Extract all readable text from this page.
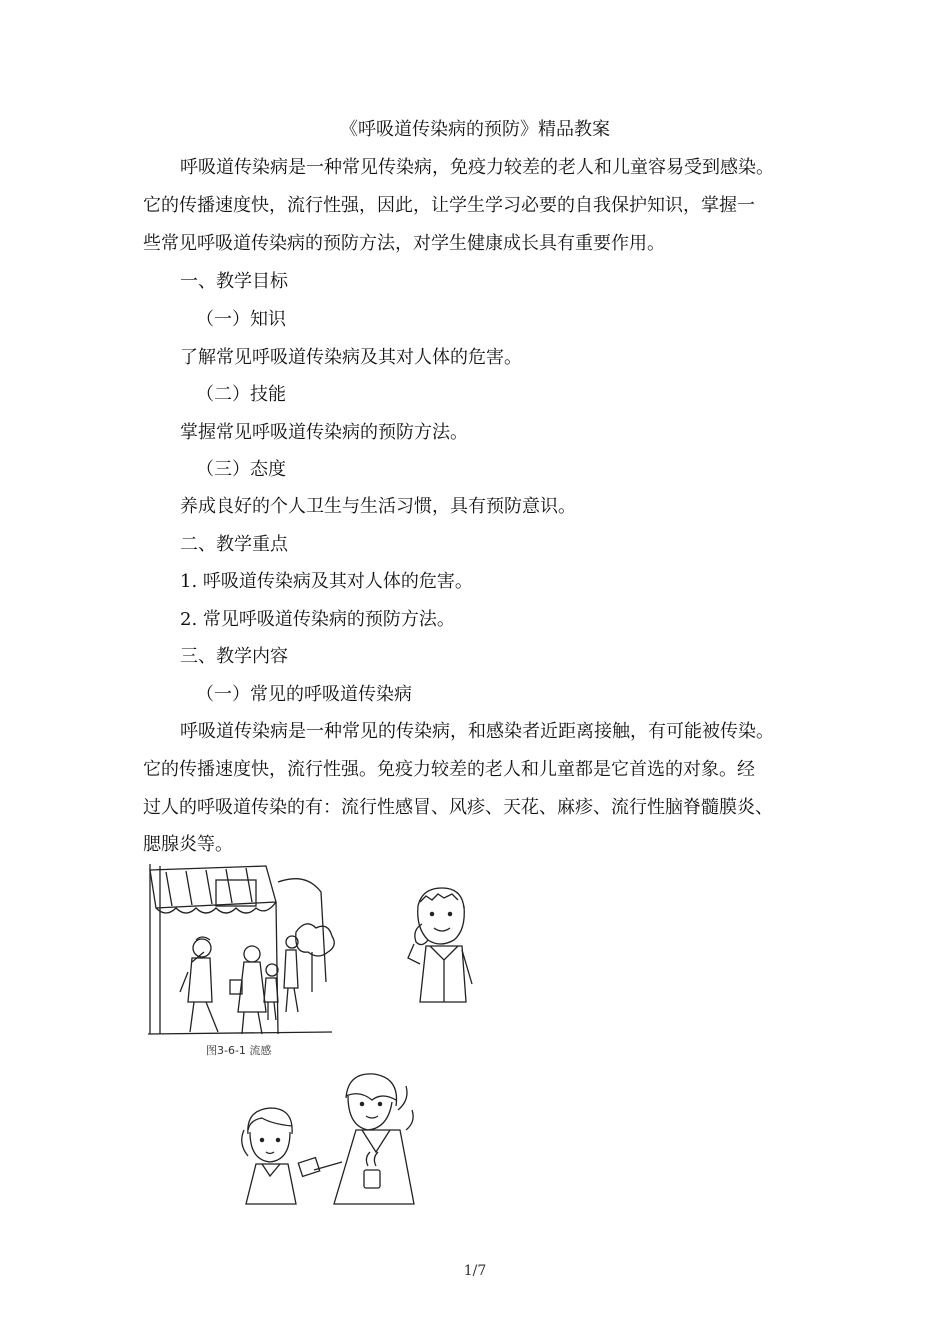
《呼吸道传染病的预防》精品教案
呼吸道传染病是一种常见传染病，免疫力较差的老人和儿童容易受到感染。
它的传播速度快，流行性强，因此，让学生学习必要的自我保护知识，掌握一
些常见呼吸道传染病的预防方法，对学生健康成长具有重要作用。
一、教学目标
（一）知识
了解常见呼吸道传染病及其对人体的危害。
（二）技能
掌握常见呼吸道传染病的预防方法。
（三）态度
养成良好的个人卫生与生活习惯，具有预防意识。
二、教学重点
1. 呼吸道传染病及其对人体的危害。
2. 常见呼吸道传染病的预防方法。
三、教学内容
（一）常见的呼吸道传染病
呼吸道传染病是一种常见的传染病，和感染者近距离接触，有可能被传染。
它的传播速度快，流行性强。免疫力较差的老人和儿童都是它首选的对象。经
过人的呼吸道传染的有：流行性感冒、风疹、天花、麻疹、流行性脑脊髓膜炎、
腮腺炎等。
图3-6-1 流感
1/7
